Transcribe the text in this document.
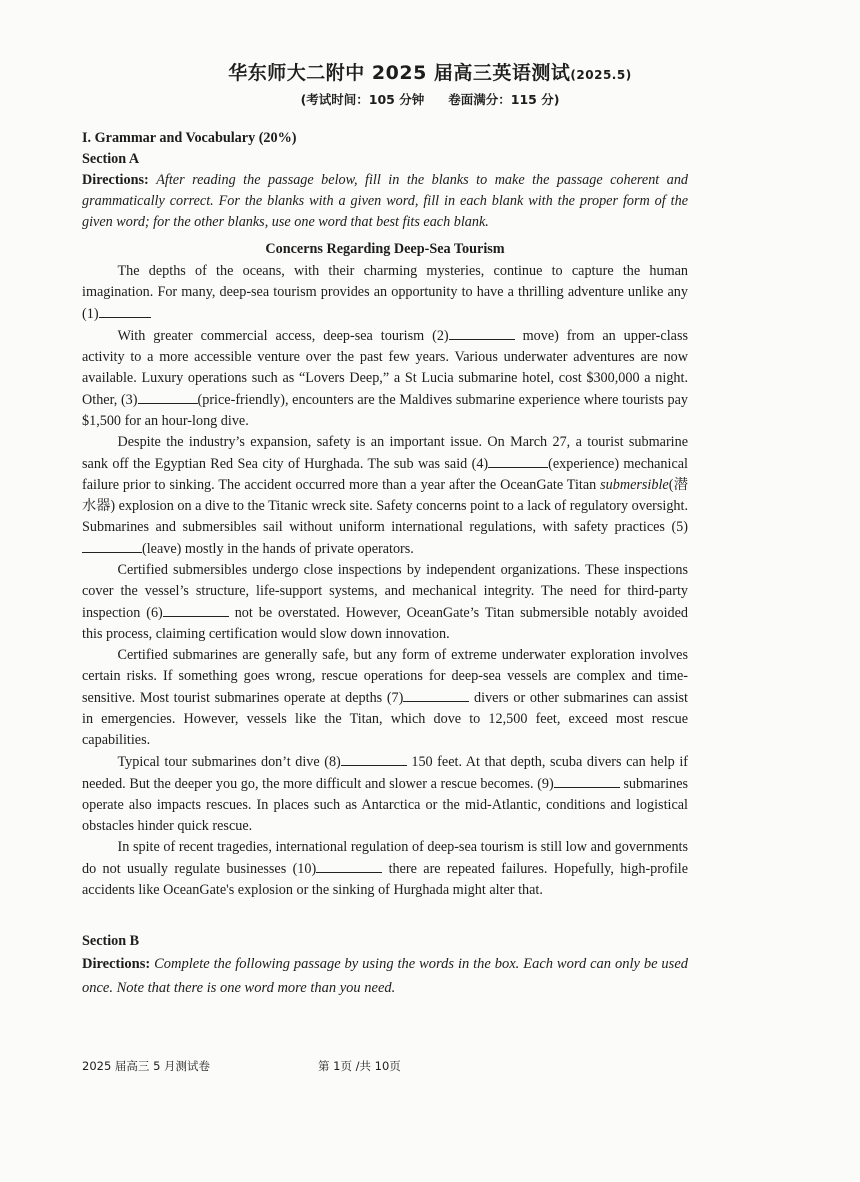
华东师大二附中 2025 届高三英语测试(2025.5)
(考试时间：105 分钟 卷面满分：115 分)

I. Grammar and Vocabulary (20%)

Section A

Directions: After reading the passage below, fill in the blanks to make the passage coherent and grammatically correct. For the blanks with a given word, fill in each blank with the proper form of the given word; for the other blanks, use one word that best fits each blank.

Concerns Regarding Deep-Sea Tourism

The depths of the oceans, with their charming mysteries, continue to capture the human imagination. For many, deep-sea tourism provides an opportunity to have a thrilling adventure unlike any (1)

With greater commercial access, deep-sea tourism (2)	move) from an upper-class activity to a more accessible venture over the past few years. Various underwater adventures are now available. Luxury operations such as “Lovers Deep,” a St Lucia submarine hotel, cost $300,000 a night. Other, (3)	(price-friendly), encounters are the Maldives submarine experience where tourists pay $1,500 for an hour-long dive.

Despite the industry’s expansion, safety is an important issue. On March 27, a tourist submarine sank off the Egyptian Red Sea city of Hurghada. The sub was said (4)	(experience) mechanical failure prior to sinking. The accident occurred more than a year after the OceanGate Titan submersible(潜水器) explosion on a dive to the Titanic wreck site. Safety concerns point to a lack of regulatory oversight. Submarines and submersibles sail without uniform international regulations, with safety practices (5)(leave) mostly in the hands of private operators.

Certified submersibles undergo close inspections by independent organizations. These inspections cover the vessel’s structure, life-support systems, and mechanical integrity. The need for third-party inspection (6)	not be overstated. However, OceanGate’s Titan submersible notably avoided this process, claiming certification would slow down innovation.

Certified submarines are generally safe, but any form of extreme underwater exploration involves certain risks. If something goes wrong, rescue operations for deep-sea vessels are complex and time-sensitive. Most tourist submarines operate at depths (7)	divers or other submarines can assist in emergencies. However, vessels like the Titan, which dove to 12,500 feet, exceed most rescue capabilities.

Typical tour submarines don’t dive (8)	150 feet. At that depth, scuba divers can help if needed. But the deeper you go, the more difficult and slower a rescue becomes. (9)	submarines operate also impacts rescues. In places such as Antarctica or the mid-Atlantic, conditions and logistical obstacles hinder quick rescue.

In spite of recent tragedies, international regulation of deep-sea tourism is still low and governments do not usually regulate businesses (10)	there are repeated failures. Hopefully, high-profile accidents like OceanGate's explosion or the sinking of Hurghada might alter that.

Section B

Directions: Complete the following passage by using the words in the box. Each word can only be used once. Note that there is one word more than you need.

2025 届高三 5 月测试卷	第 1页 /共 10页
